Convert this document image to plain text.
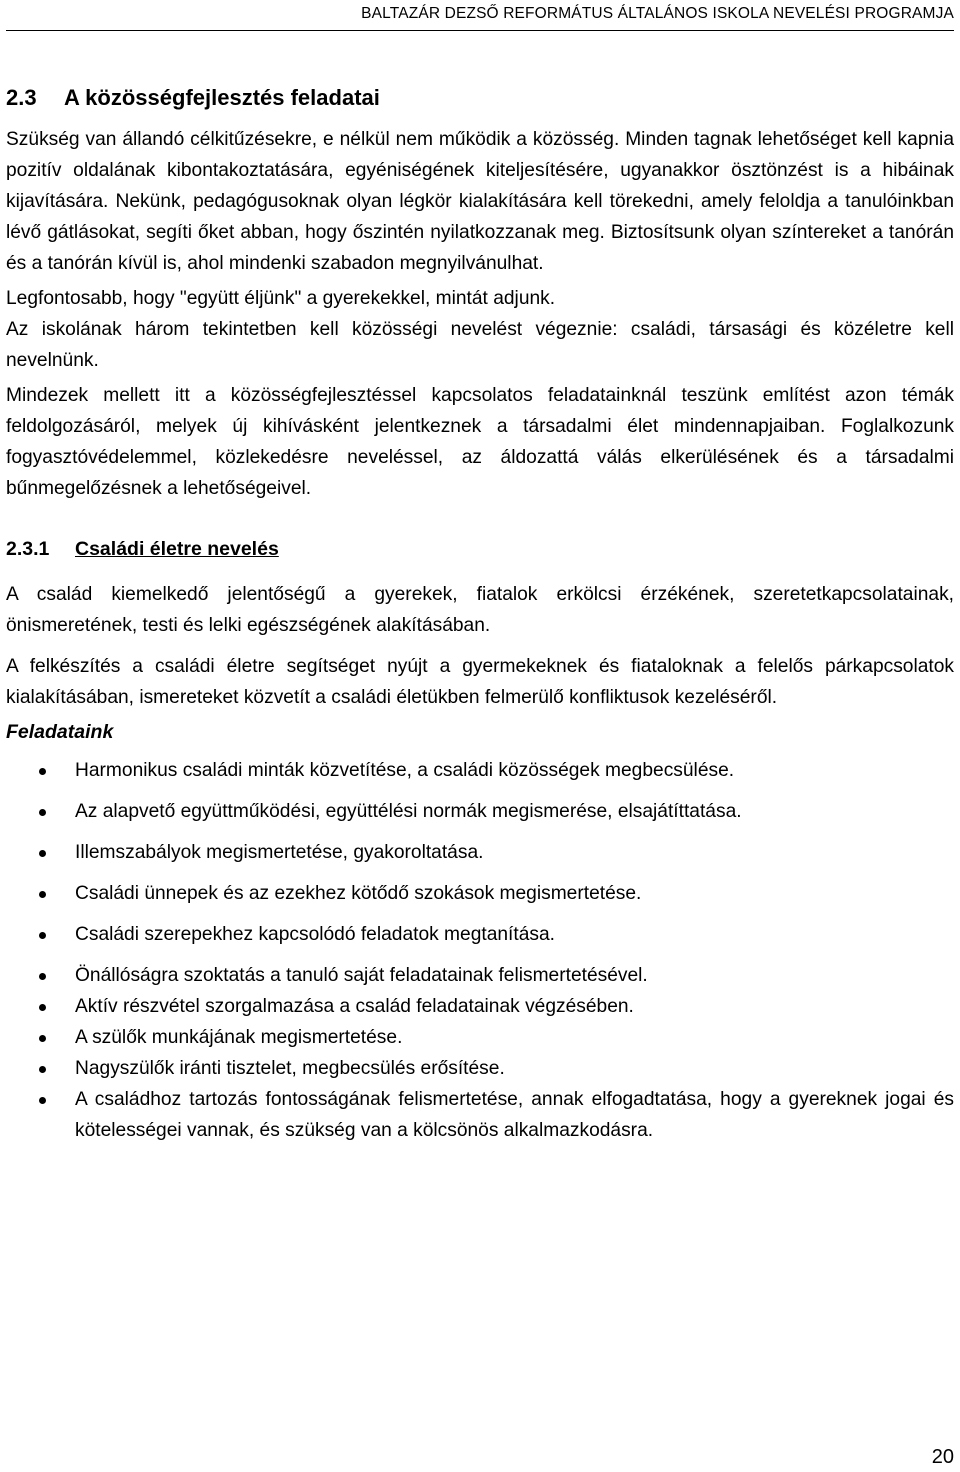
BALTAZÁR DEZSŐ REFORMÁTUS ÁLTALÁNOS ISKOLA NEVELÉSI PROGRAMJA
2.3 A közösségfejlesztés feladatai

Szükség van állandó célkitűzésekre, e nélkül nem működik a közösség. Minden tagnak lehetőséget kell kapnia pozitív oldalának kibontakoztatására, egyéniségének kiteljesítésére, ugyanakkor ösztönzést is a hibáinak kijavítására. Nekünk, pedagógusoknak olyan légkör kialakítására kell törekedni, amely feloldja a tanulóinkban lévő gátlásokat, segíti őket abban, hogy őszintén nyilatkozzanak meg. Biztosítsunk olyan színtereket a tanórán és a tanórán kívül is, ahol mindenki szabadon megnyilvánulhat.

Legfontosabb, hogy "együtt éljünk" a gyerekekkel, mintát adjunk.

Az iskolának három tekintetben kell közösségi nevelést végeznie: családi, társasági és közéletre kell nevelnünk.

Mindezek mellett itt a közösségfejlesztéssel kapcsolatos feladatainknál teszünk említést azon témák feldolgozásáról, melyek új kihívásként jelentkeznek a társadalmi élet mindennapjaiban. Foglalkozunk fogyasztóvédelemmel, közlekedésre neveléssel, az áldozattá válás elkerülésének és a társadalmi bűnmegelőzésnek a lehetőségeivel.

2.3.1 Családi életre nevelés

A család kiemelkedő jelentőségű a gyerekek, fiatalok erkölcsi érzékének, szeretetkapcsolatainak, önismeretének, testi és lelki egészségének alakításában.

A felkészítés a családi életre segítséget nyújt a gyermekeknek és fiataloknak a felelős párkapcsolatok kialakításában, ismereteket közvetít a családi életükben felmerülő konfliktusok kezeléséről.

Feladataink
Harmonikus családi minták közvetítése, a családi közösségek megbecsülése.
Az alapvető együttműködési, együttélési normák megismerése, elsajátíttatása.
Illemszabályok megismertetése, gyakoroltatása.
Családi ünnepek és az ezekhez kötődő szokások megismertetése.
Családi szerepekhez kapcsolódó feladatok megtanítása.
Önállóságra szoktatás a tanuló saját feladatainak felismertetésével.
Aktív részvétel szorgalmazása a család feladatainak végzésében.
A szülők munkájának megismertetése.
Nagyszülők iránti tisztelet, megbecsülés erősítése.
A családhoz tartozás fontosságának felismertetése, annak elfogadtatása, hogy a gyereknek jogai és kötelességei vannak, és szükség van a kölcsönös alkalmazkodásra.
20
